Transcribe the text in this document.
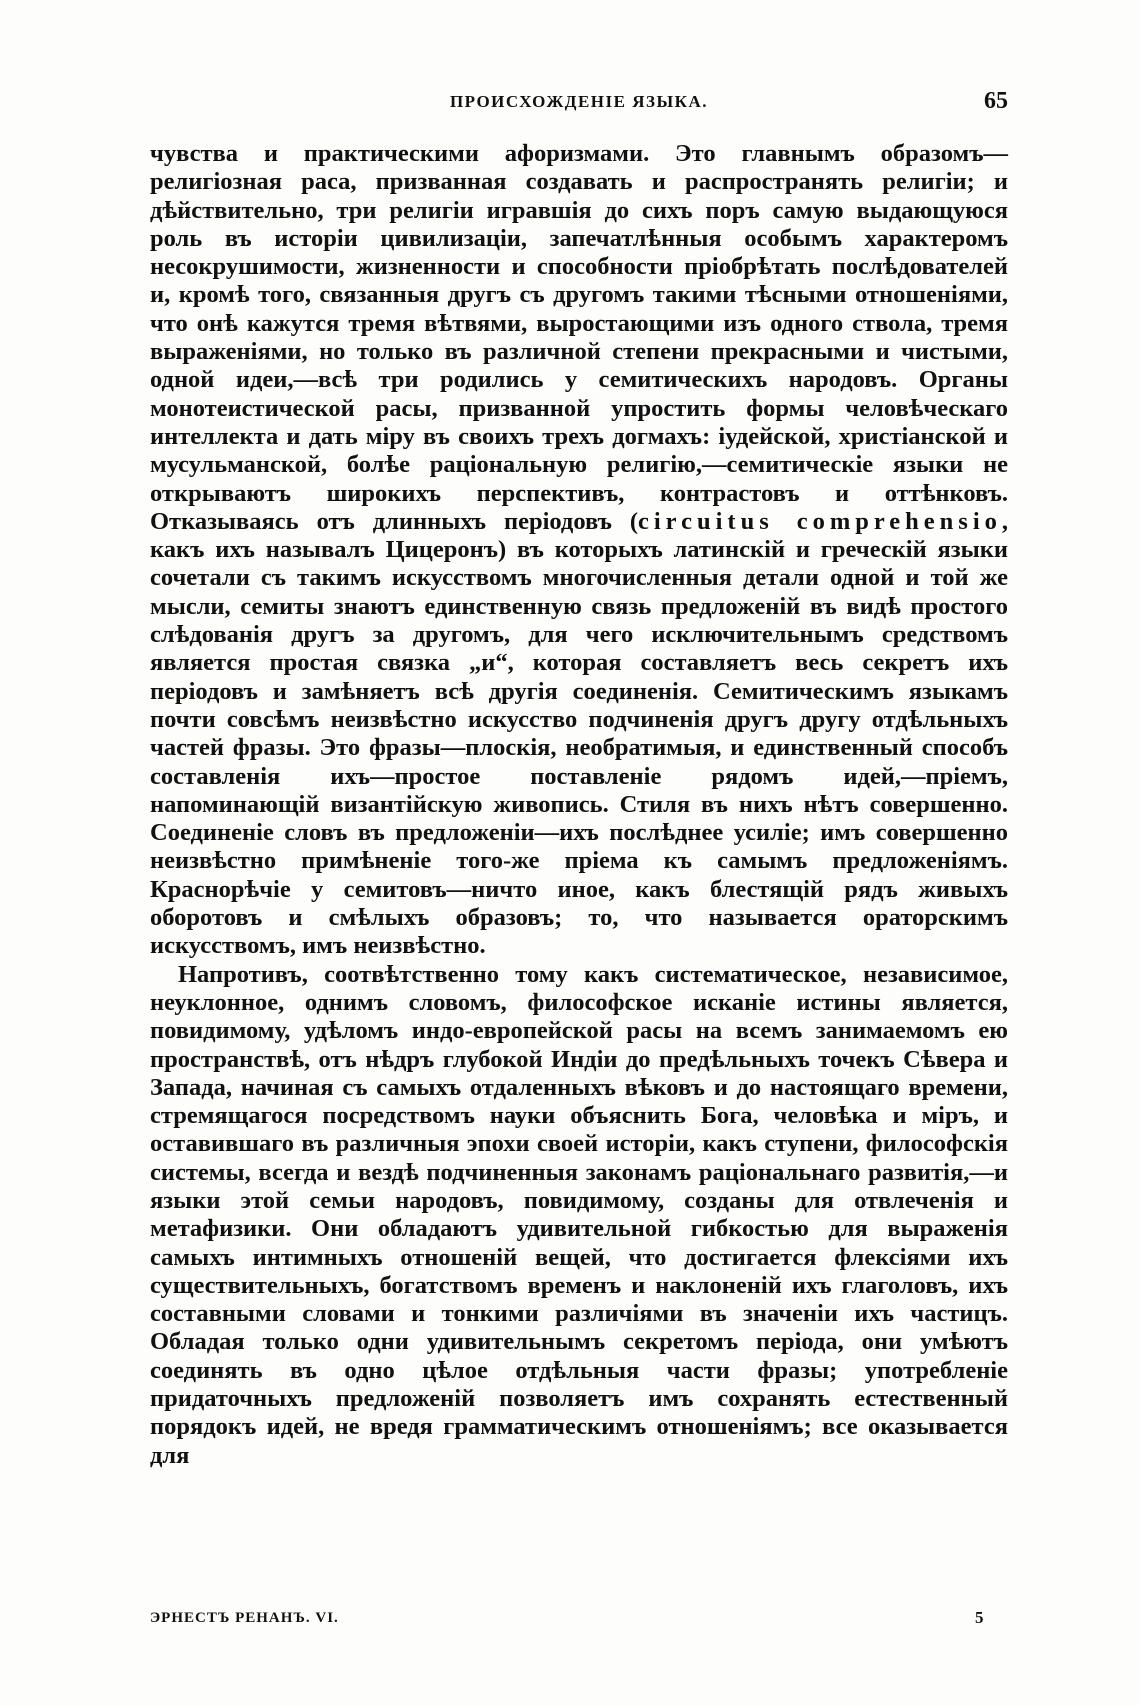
ПРОИСХОЖДЕНІЕ ЯЗЫКА.	65

чувства и практическими афоризмами. Это главнымъ образомъ—религіозная раса, призванная создавать и распространять религіи; и дѣйствительно, три религіи игравшія до сихъ поръ самую выдающуюся роль въ исторіи цивилизаціи, запечатлѣнныя особымъ характеромъ несокрушимости, жизненности и способности пріобрѣтать послѣдователей и, кромѣ того, связанныя другъ съ другомъ такими тѣсными отношеніями, что онѣ кажутся тремя вѣтвями, выростающими изъ одного ствола, тремя выраженіями, но только въ различной степени прекрасными и чистыми, одной идеи,—всѣ три родились у семитическихъ народовъ. Органы монотеистической расы, призванной упростить формы человѣческаго интеллекта и дать міру въ своихъ трехъ догмахъ: іудейской, христіанской и мусульманской, болѣе раціональную религію,—семитическіе языки не открываютъ широкихъ перспективъ, контрастовъ и оттѣнковъ. Отказываясь отъ длинныхъ періодовъ (circuitus comprehensio, какъ ихъ называлъ Цицеронъ) въ которыхъ латинскій и греческій языки сочетали съ такимъ искусствомъ многочисленныя детали одной и той же мысли, семиты знаютъ единственную связь предложеній въ видѣ простого слѣдованія другъ за другомъ, для чего исключительнымъ средствомъ является простая связка „и“, которая составляетъ весь секретъ ихъ періодовъ и замѣняетъ всѣ другія соединенія. Семитическимъ языкамъ почти совсѣмъ неизвѣстно искусство подчиненія другъ другу отдѣльныхъ частей фразы. Это фразы—плоскія, необратимыя, и единственный способъ составленія ихъ—простое поставленіе рядомъ идей,—пріемъ, напоминающій византійскую живопись. Стиля въ нихъ нѣтъ совершенно. Соединеніе словъ въ предложеніи—ихъ послѣднее усиліе; имъ совершенно неизвѣстно примѣненіе того-же пріема къ самымъ предложеніямъ. Краснорѣчіе у семитовъ—ничто иное, какъ блестящій рядъ живыхъ оборотовъ и смѣлыхъ образовъ; то, что называется ораторскимъ искусствомъ, имъ неизвѣстно.

Напротивъ, соотвѣтственно тому какъ систематическое, независимое, неуклонное, однимъ словомъ, философское исканіе истины является, повидимому, удѣломъ индо-европейской расы на всемъ занимаемомъ ею пространствѣ, отъ нѣдръ глубокой Индіи до предѣльныхъ точекъ Сѣвера и Запада, начиная съ самыхъ отдаленныхъ вѣковъ и до настоящаго времени, стремящагося посредствомъ науки объяснить Бога, человѣка и міръ, и оставившаго въ различныя эпохи своей исторіи, какъ ступени, философскія системы, всегда и вездѣ подчиненныя законамъ раціональнаго развитія,—и языки этой семьи народовъ, повидимому, созданы для отвлеченія и метафизики. Они обладаютъ удивительной гибкостью для выраженія самыхъ интимныхъ отношеній вещей, что достигается флексіями ихъ существительныхъ, богатствомъ временъ и наклоненій ихъ глаголовъ, ихъ составными словами и тонкими различіями въ значеніи ихъ частицъ. Обладая только одни удивительнымъ секретомъ періода, они умѣютъ соединять въ одно цѣлое отдѣльныя части фразы; употребленіе придаточныхъ предложеній позволяетъ имъ сохранять естественный порядокъ идей, не вредя грамматическимъ отношеніямъ; все оказывается для

ЭРНЕСТЪ РЕНАНЪ. VI.	5
